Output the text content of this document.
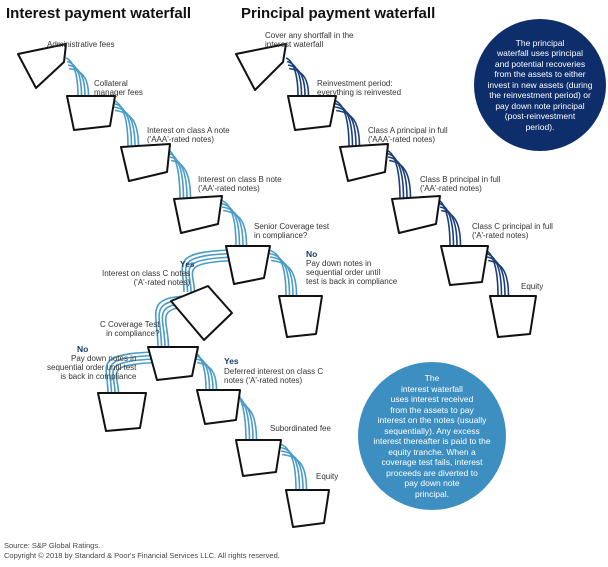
Interest payment waterfall	Principal payment waterfall
Administrative fees
Collateral
manager fees
Interest on class A note
('AAA'-rated notes)
Interest on class B note
('AA'-rated notes)
Senior Coverage test
in compliance?
Yes
No
Interest on class C notes
('A'-rated notes)
Pay down notes in
sequential order until
test is back in compliance
C Coverage Test
in compliance?
No
Yes
Pay down notes in
sequential order until test
is back in compliance
Deferred interest on class C
notes ('A'-rated notes)
Subordinated fee
Equity
Cover any shortfall in the
interest waterfall
Reinvestment period:
everything is reinvested
Class A principal in full
('AAA'-rated notes)
Class B principal in full
('AA'-rated notes)
Class C principal in full
('A'-rated notes)
Equity
The principal
waterfall uses principal
and potential recoveries
from the assets to either
invest in new assets (during
the reinvestment period) or
pay down note principal
(post-reinvestment
period).
The
interest waterfall
uses interest received
from the assets to pay
interest on the notes (usually
sequentially). Any excess
interest thereafter is paid to the
equity tranche. When a
coverage test fails, interest
proceeds are diverted to
pay down note
principal.
Source: S&P Global Ratings.
Copyright © 2018 by Standard & Poor's Financial Services LLC. All rights reserved.
